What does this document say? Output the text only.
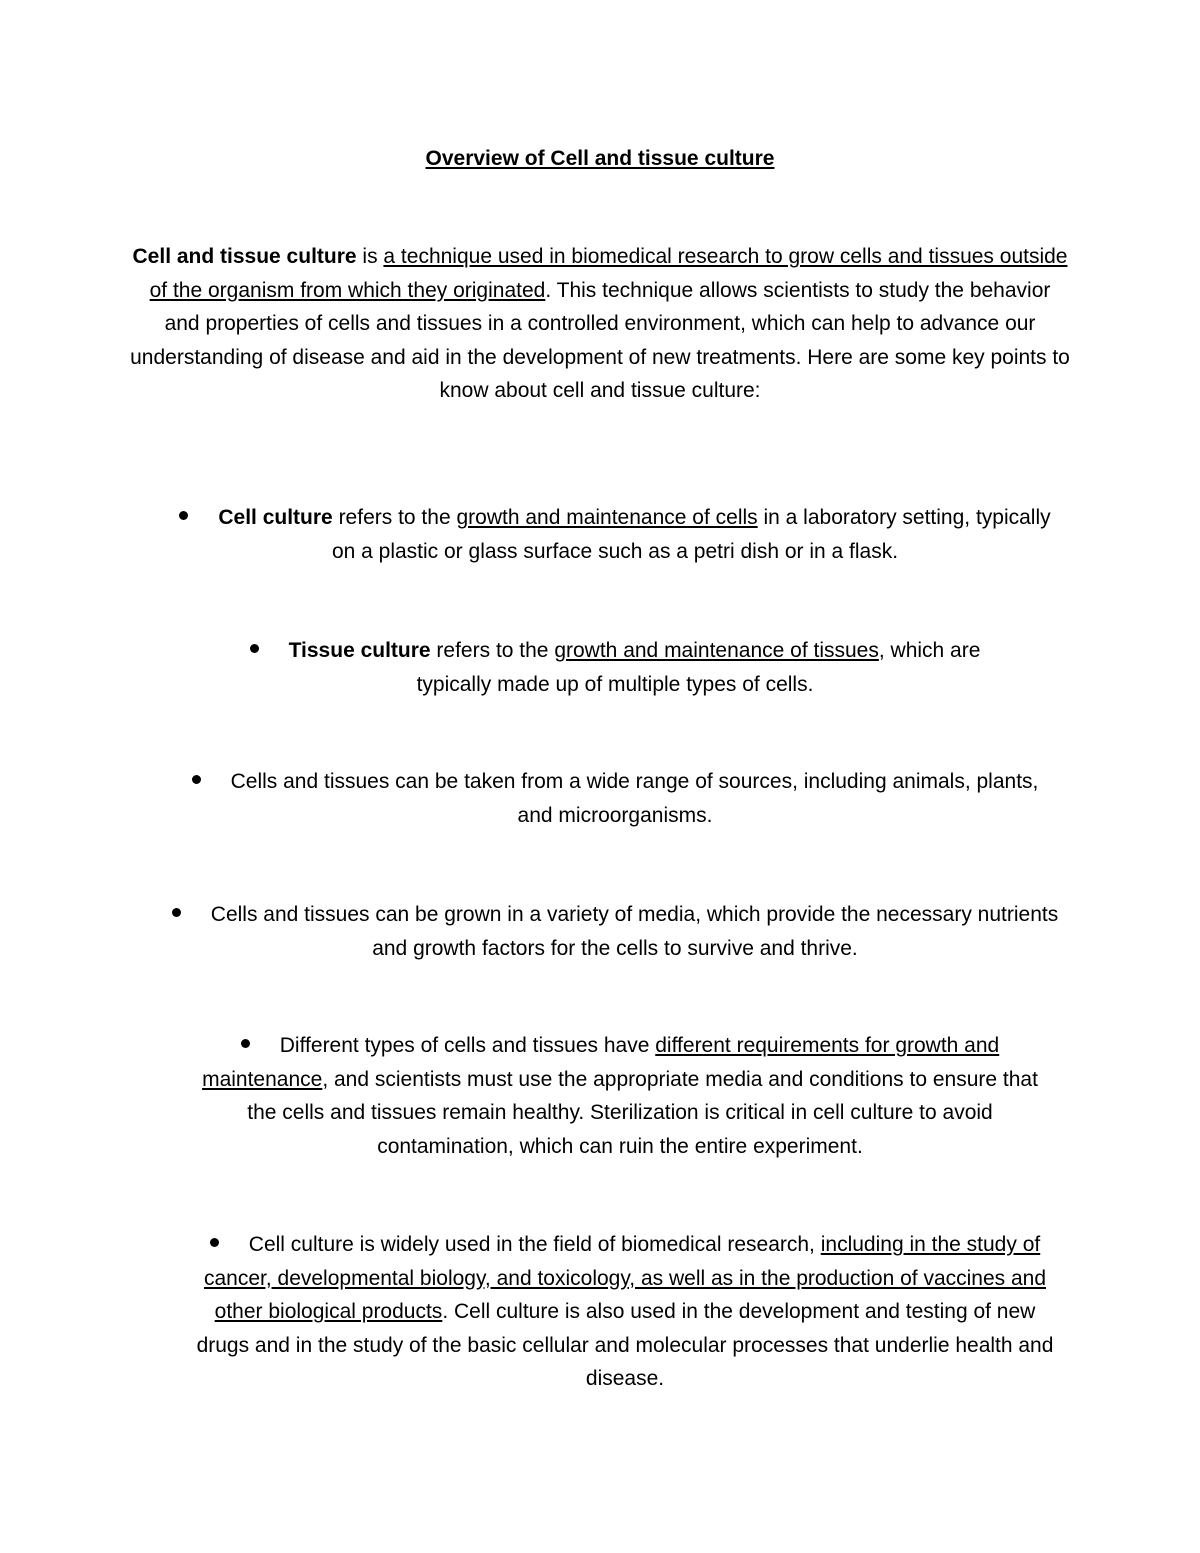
Overview of Cell and tissue culture

Cell and tissue culture is a technique used in biomedical research to grow cells and tissues outside of the organism from which they originated. This technique allows scientists to study the behavior and properties of cells and tissues in a controlled environment, which can help to advance our understanding of disease and aid in the development of new treatments. Here are some key points to know about cell and tissue culture:

Cell culture refers to the growth and maintenance of cells in a laboratory setting, typically on a plastic or glass surface such as a petri dish or in a flask.

Tissue culture refers to the growth and maintenance of tissues, which are typically made up of multiple types of cells.

Cells and tissues can be taken from a wide range of sources, including animals, plants, and microorganisms.

Cells and tissues can be grown in a variety of media, which provide the necessary nutrients and growth factors for the cells to survive and thrive.

Different types of cells and tissues have different requirements for growth and maintenance, and scientists must use the appropriate media and conditions to ensure that the cells and tissues remain healthy. Sterilization is critical in cell culture to avoid contamination, which can ruin the entire experiment.

Cell culture is widely used in the field of biomedical research, including in the study of cancer, developmental biology, and toxicology, as well as in the production of vaccines and other biological products. Cell culture is also used in the development and testing of new drugs and in the study of the basic cellular and molecular processes that underlie health and disease.
